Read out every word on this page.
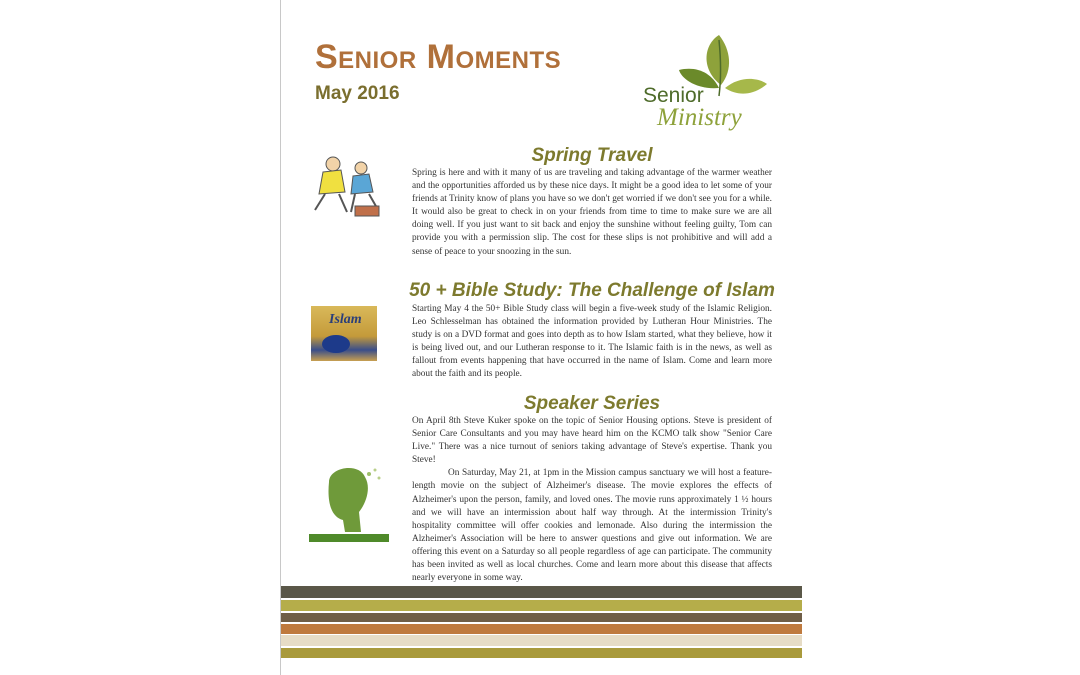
Senior Moments
May 2016	Senior
Ministry
Spring Travel
Spring is here and with it many of us are traveling and taking advantage of the warmer weather and the opportunities afforded us by these nice days. It might be a good idea to let some of your friends at Trinity know of plans you have so we don't get worried if we don't see you for a while. It would also be great to check in on your friends from time to time to make sure we are all doing well. If you just want to sit back and enjoy the sunshine without feeling guilty, Tom can provide you with a permission slip. The cost for these slips is not prohibitive and will add a sense of peace to your snoozing in the sun.
Islam
50 + Bible Study: The Challenge of Islam
Starting May 4 the 50+ Bible Study class will begin a five-week study of the Islamic Religion. Leo Schlesselman has obtained the information provided by Lutheran Hour Ministries. The study is on a DVD format and goes into depth as to how Islam started, what they believe, how it is being lived out, and our Lutheran response to it. The Islamic faith is in the news, as well as fallout from events happening that have occurred in the name of Islam. Come and learn more about the faith and its people.
Speaker Series
On April 8th Steve Kuker spoke on the topic of Senior Housing options. Steve is president of Senior Care Consultants and you may have heard him on the KCMO talk show "Senior Care Live." There was a nice turnout of seniors taking advantage of Steve's expertise. Thank you Steve!
On Saturday, May 21, at 1pm in the Mission campus sanctuary we will host a feature-length movie on the subject of Alzheimer's disease. The movie explores the effects of Alzheimer's upon the person, family, and loved ones. The movie runs approximately 1 ½ hours and we will have an intermission about half way through. At the intermission Trinity's hospitality committee will offer cookies and lemonade. Also during the intermission the Alzheimer's Association will be here to answer questions and give out information. We are offering this event on a Saturday so all people regardless of age can participate. The community has been invited as well as local churches. Come and learn more about this disease that affects nearly everyone in some way.
